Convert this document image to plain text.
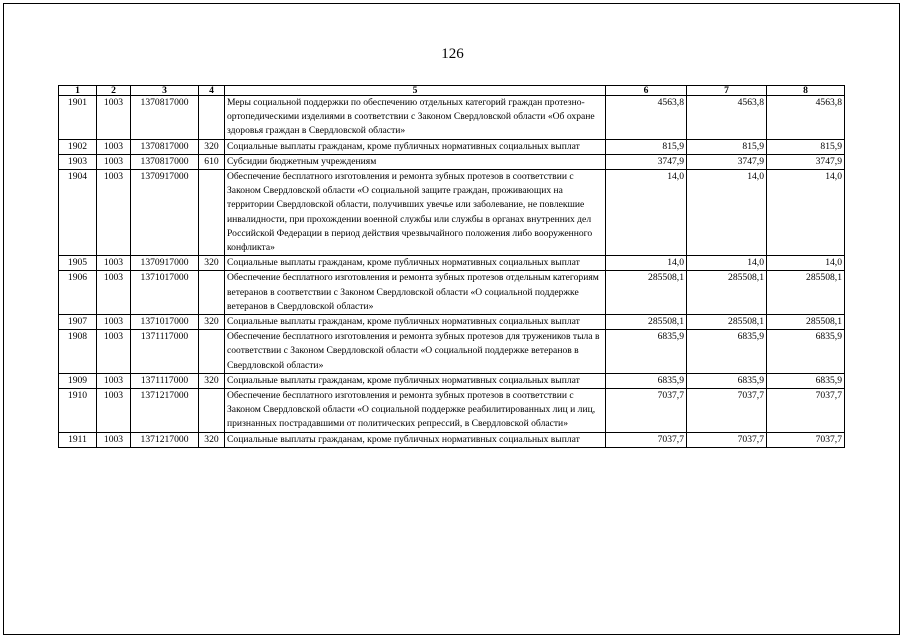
126
1	2	3	4	5	6	7	8
1901	1003	1370817000		Меры социальной поддержки по обеспечению отдельных категорий граждан протезно-ортопедическими изделиями в соответствии с Законом Свердловской области «Об охране здоровья граждан в Свердловской области»	4563,8	4563,8	4563,8
1902	1003	1370817000	320	Социальные выплаты гражданам, кроме публичных нормативных социальных выплат	815,9	815,9	815,9
1903	1003	1370817000	610	Субсидии бюджетным учреждениям	3747,9	3747,9	3747,9
1904	1003	1370917000		Обеспечение бесплатного изготовления и ремонта зубных протезов в соответствии с Законом Свердловской области «О социальной защите граждан, проживающих на территории Свердловской области, получивших увечье или заболевание, не повлекшие инвалидности, при прохождении военной службы или службы в органах внутренних дел Российской Федерации в период действия чрезвычайного положения либо вооруженного конфликта»	14,0	14,0	14,0
1905	1003	1370917000	320	Социальные выплаты гражданам, кроме публичных нормативных социальных выплат	14,0	14,0	14,0
1906	1003	1371017000		Обеспечение бесплатного изготовления и ремонта зубных протезов отдельным категориям ветеранов в соответствии с Законом Свердловской области «О социальной поддержке ветеранов в Свердловской области»	285508,1	285508,1	285508,1
1907	1003	1371017000	320	Социальные выплаты гражданам, кроме публичных нормативных социальных выплат	285508,1	285508,1	285508,1
1908	1003	1371117000		Обеспечение бесплатного изготовления и ремонта зубных протезов для тружеников тыла в соответствии с Законом Свердловской области «О социальной поддержке ветеранов в Свердловской области»	6835,9	6835,9	6835,9
1909	1003	1371117000	320	Социальные выплаты гражданам, кроме публичных нормативных социальных выплат	6835,9	6835,9	6835,9
1910	1003	1371217000		Обеспечение бесплатного изготовления и ремонта зубных протезов в соответствии с Законом Свердловской области «О социальной поддержке реабилитированных лиц и лиц, признанных пострадавшими от политических репрессий, в Свердловской области»	7037,7	7037,7	7037,7
1911	1003	1371217000	320	Социальные выплаты гражданам, кроме публичных нормативных социальных выплат	7037,7	7037,7	7037,7
